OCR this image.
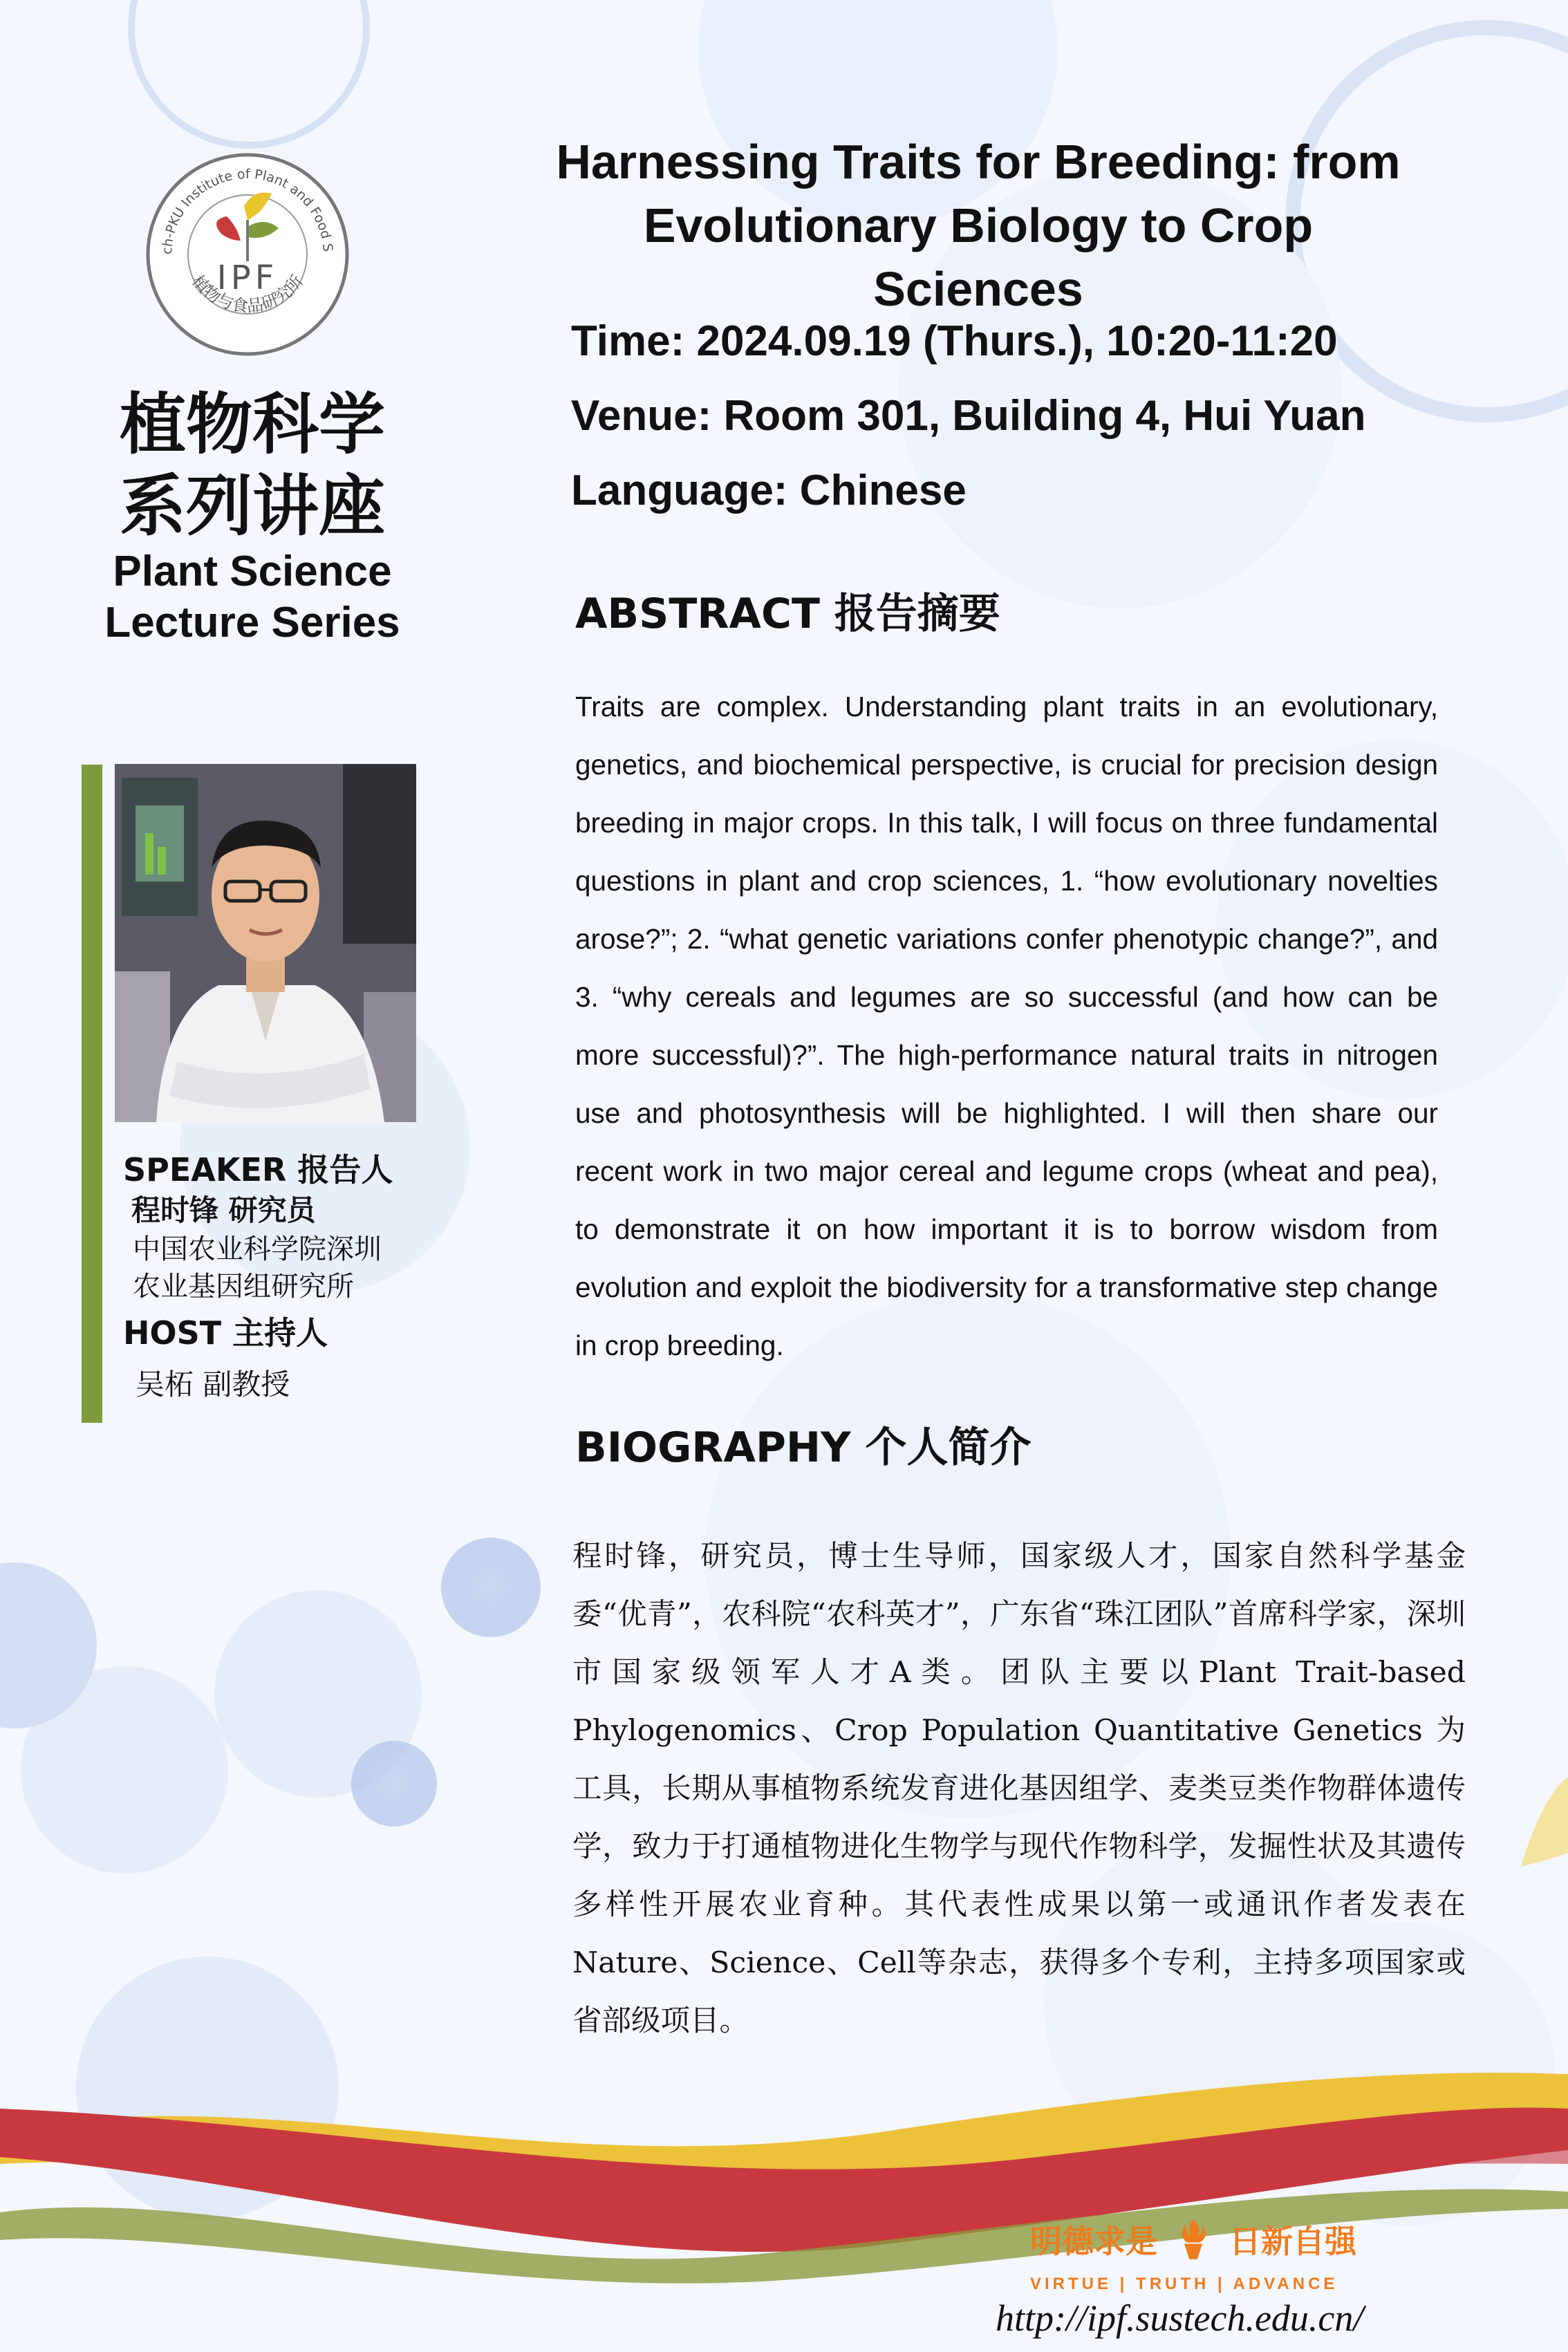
ch-PKU Institute of Plant and Food S
植物与食品研究所
IPF
植物科学
系列讲座
Plant Science
Lecture Series
SPEAKER 报告人
程时锋 研究员
中国农业科学院深圳
农业基因组研究所
HOST 主持人
吴柘 副教授
Harnessing Traits for Breeding: from
Evolutionary Biology to Crop Sciences
Time: 2024.09.19 (Thurs.), 10:20-11:20
Venue: Room 301, Building 4, Hui Yuan
Language: Chinese
ABSTRACT 报告摘要
Traits are complex. Understanding plant traits in an evolutionary, genetics, and biochemical perspective, is crucial for precision design breeding in major crops. In this talk, I will focus on three fundamental questions in plant and crop sciences, 1. “how evolutionary novelties arose?”; 2. “what genetic variations confer phenotypic change?”, and 3. “why cereals and legumes are so successful (and how can be more successful)?”. The high-performance natural traits in nitrogen use and photosynthesis will be highlighted. I will then share our recent work in two major cereal and legume crops (wheat and pea), to demonstrate it on how important it is to borrow wisdom from evolution and exploit the biodiversity for a transformative step change in crop breeding.
BIOGRAPHY 个人简介
程时锋，研究员，博士生导师，国家级人才，国家自然科学基金委“优青”，农科院“农科英才”，广东省“珠江团队”首席科学家，深圳市国家级领军人才A类。团队主要以Plant Trait-based Phylogenomics、Crop Population Quantitative Genetics 为工具，长期从事植物系统发育进化基因组学、麦类豆类作物群体遗传学，致力于打通植物进化生物学与现代作物科学，发掘性状及其遗传多样性开展农业育种。其代表性成果以第一或通讯作者发表在Nature、Science、Cell等杂志，获得多个专利，主持多项国家或省部级项目。
明德求是 日新自强
VIRTUE | TRUTH | ADVANCE
http://ipf.sustech.edu.cn/
